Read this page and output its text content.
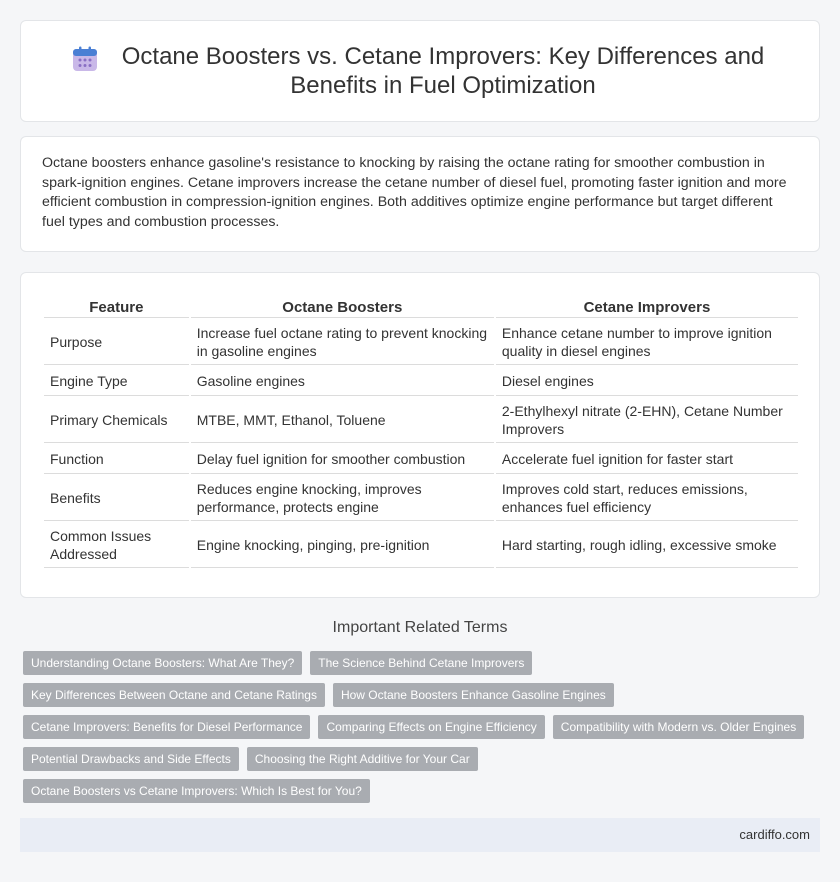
Octane Boosters vs. Cetane Improvers: Key Differences and Benefits in Fuel Optimization

Octane boosters enhance gasoline's resistance to knocking by raising the octane rating for smoother combustion in spark-ignition engines. Cetane improvers increase the cetane number of diesel fuel, promoting faster ignition and more efficient combustion in compression-ignition engines. Both additives optimize engine performance but target different fuel types and combustion processes.

Feature	Octane Boosters	Cetane Improvers
Purpose	Increase fuel octane rating to prevent knocking in gasoline engines	Enhance cetane number to improve ignition quality in diesel engines
Engine Type	Gasoline engines	Diesel engines
Primary Chemicals	MTBE, MMT, Ethanol, Toluene	2-Ethylhexyl nitrate (2-EHN), Cetane Number Improvers
Function	Delay fuel ignition for smoother combustion	Accelerate fuel ignition for faster start
Benefits	Reduces engine knocking, improves performance, protects engine	Improves cold start, reduces emissions, enhances fuel efficiency
Common Issues Addressed	Engine knocking, pinging, pre-ignition	Hard starting, rough idling, excessive smoke
Important Related Terms
Understanding Octane Boosters: What Are They?	The Science Behind Cetane Improvers
Key Differences Between Octane and Cetane Ratings	How Octane Boosters Enhance Gasoline Engines
Cetane Improvers: Benefits for Diesel Performance	Comparing Effects on Engine Efficiency	Compatibility with Modern vs. Older Engines
Potential Drawbacks and Side Effects	Choosing the Right Additive for Your Car
Octane Boosters vs Cetane Improvers: Which Is Best for You?
cardiffo.com
